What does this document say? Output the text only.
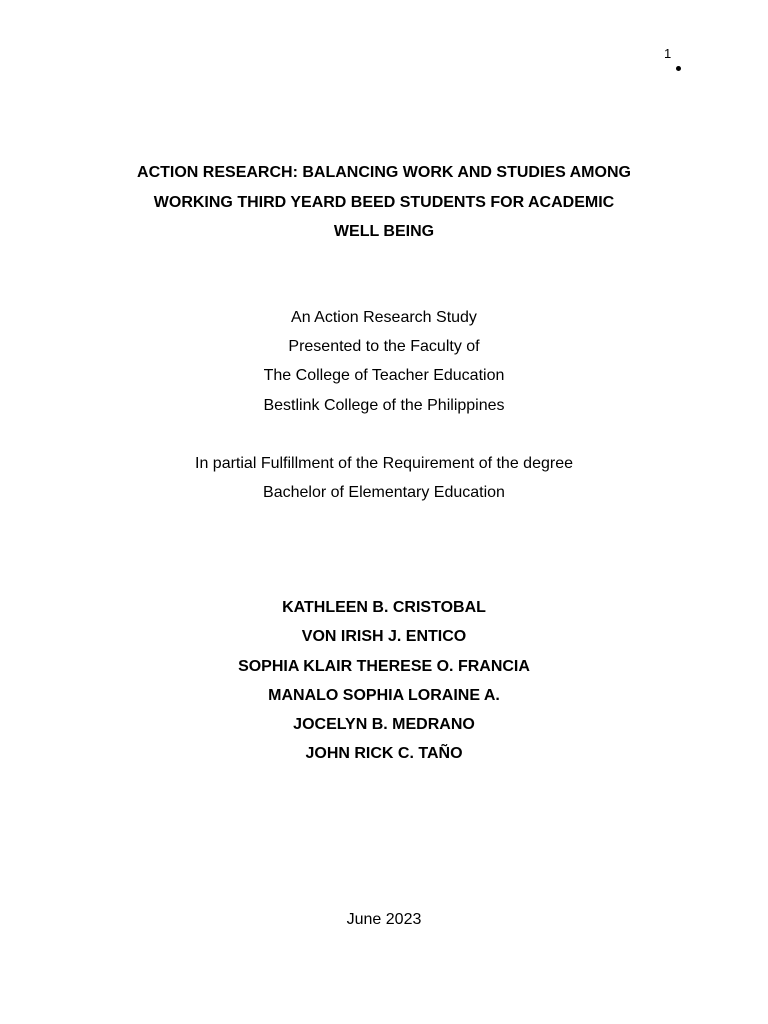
1
ACTION RESEARCH: BALANCING WORK AND STUDIES AMONG
WORKING THIRD YEARD BEED STUDENTS FOR ACADEMIC
WELL BEING
An Action Research Study
Presented to the Faculty of
The College of Teacher Education
Bestlink College of the Philippines
In partial Fulfillment of the Requirement of the degree
Bachelor of Elementary Education
KATHLEEN B. CRISTOBAL
VON IRISH J. ENTICO
SOPHIA KLAIR THERESE O. FRANCIA
MANALO SOPHIA LORAINE A.
JOCELYN B. MEDRANO
JOHN RICK C. TAÑO
June 2023
